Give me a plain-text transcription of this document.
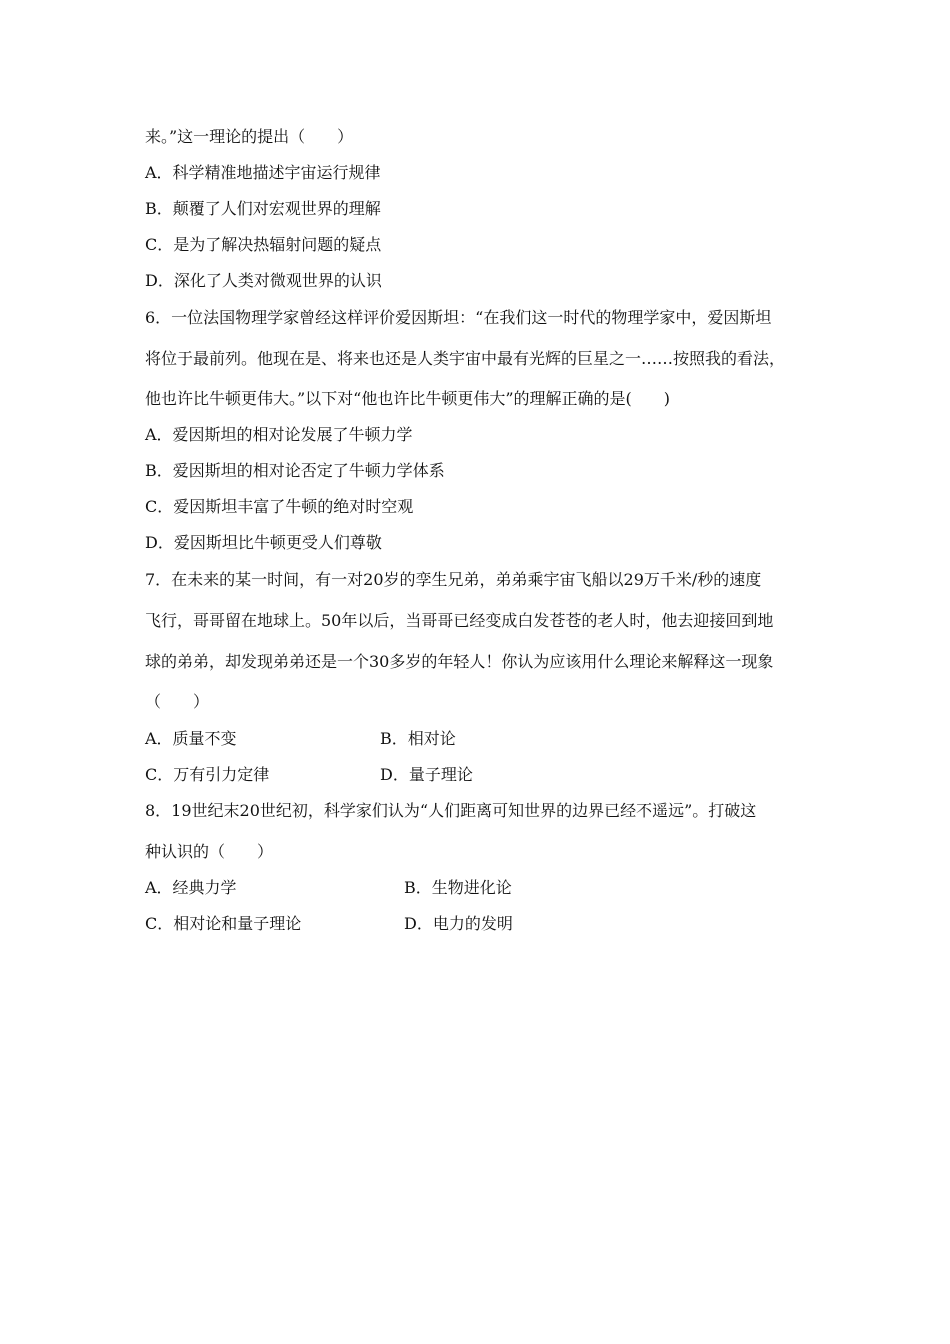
来。”这一理论的提出（　　）
A．科学精准地描述宇宙运行规律
B．颠覆了人们对宏观世界的理解
C．是为了解决热辐射问题的疑点
D．深化了人类对微观世界的认识
6．一位法国物理学家曾经这样评价爱因斯坦：“在我们这一时代的物理学家中，爱因斯坦
将位于最前列。他现在是、将来也还是人类宇宙中最有光辉的巨星之一……按照我的看法，
他也许比牛顿更伟大。”以下对“他也许比牛顿更伟大”的理解正确的是(　　)
A．爱因斯坦的相对论发展了牛顿力学
B．爱因斯坦的相对论否定了牛顿力学体系
C．爱因斯坦丰富了牛顿的绝对时空观
D．爱因斯坦比牛顿更受人们尊敬
7．在未来的某一时间，有一对20岁的孪生兄弟，弟弟乘宇宙飞船以29万千米/秒的速度
飞行，哥哥留在地球上。50年以后，当哥哥已经变成白发苍苍的老人时，他去迎接回到地
球的弟弟，却发现弟弟还是一个30多岁的年轻人！你认为应该用什么理论来解释这一现象
（　　）
A．质量不变	B．相对论
C．万有引力定律	D．量子理论
8．19世纪末20世纪初，科学家们认为“人们距离可知世界的边界已经不遥远”。打破这
种认识的（　　）
A．经典力学	B．生物进化论
C．相对论和量子理论	D．电力的发明
